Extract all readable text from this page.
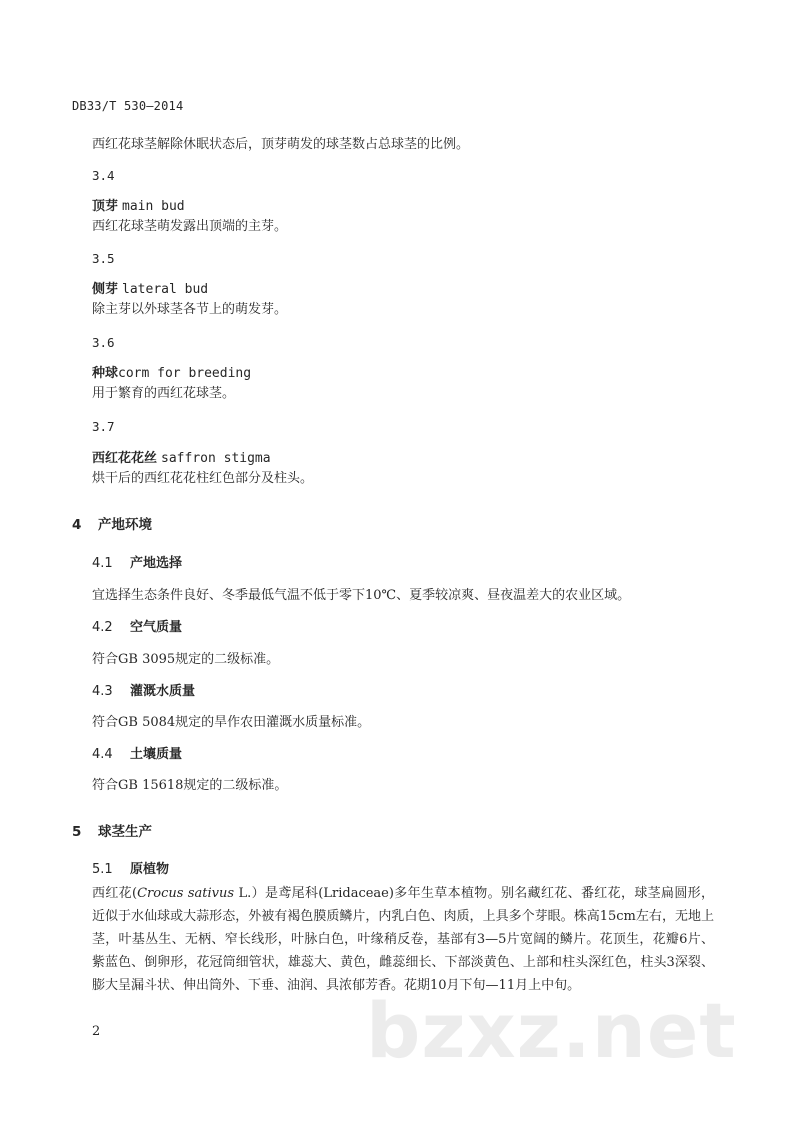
DB33/T 530—2014
西红花球茎解除休眠状态后，顶芽萌发的球茎数占总球茎的比例。
3.4
顶芽 main bud
西红花球茎萌发露出顶端的主芽。
3.5
侧芽 lateral bud
除主芽以外球茎各节上的萌发芽。
3.6
种球corm for breeding
用于繁育的西红花球茎。
3.7
西红花花丝 saffron stigma
烘干后的西红花花柱红色部分及柱头。
4 产地环境
4.1 产地选择
宜选择生态条件良好、冬季最低气温不低于零下10℃、夏季较凉爽、昼夜温差大的农业区域。
4.2 空气质量
符合GB 3095规定的二级标准。
4.3 灌溉水质量
符合GB 5084规定的旱作农田灌溉水质量标准。
4.4 土壤质量
符合GB 15618规定的二级标准。
5 球茎生产
5.1 原植物
西红花(Crocus sativus L.）是鸢尾科(Lridaceae)多年生草本植物。别名藏红花、番红花，球茎扁圆形，近似于水仙球或大蒜形态，外被有褐色膜质鳞片，内乳白色、肉质，上具多个芽眼。株高15cm左右，无地上茎，叶基丛生、无柄、窄长线形，叶脉白色，叶缘稍反卷，基部有3—5片宽阔的鳞片。花顶生，花瓣6片、紫蓝色、倒卵形，花冠筒细管状，雄蕊大、黄色，雌蕊细长、下部淡黄色、上部和柱头深红色，柱头3深裂、膨大呈漏斗状、伸出筒外、下垂、油润、具浓郁芳香。花期10月下旬—11月上中旬。
bzxz.net
2
